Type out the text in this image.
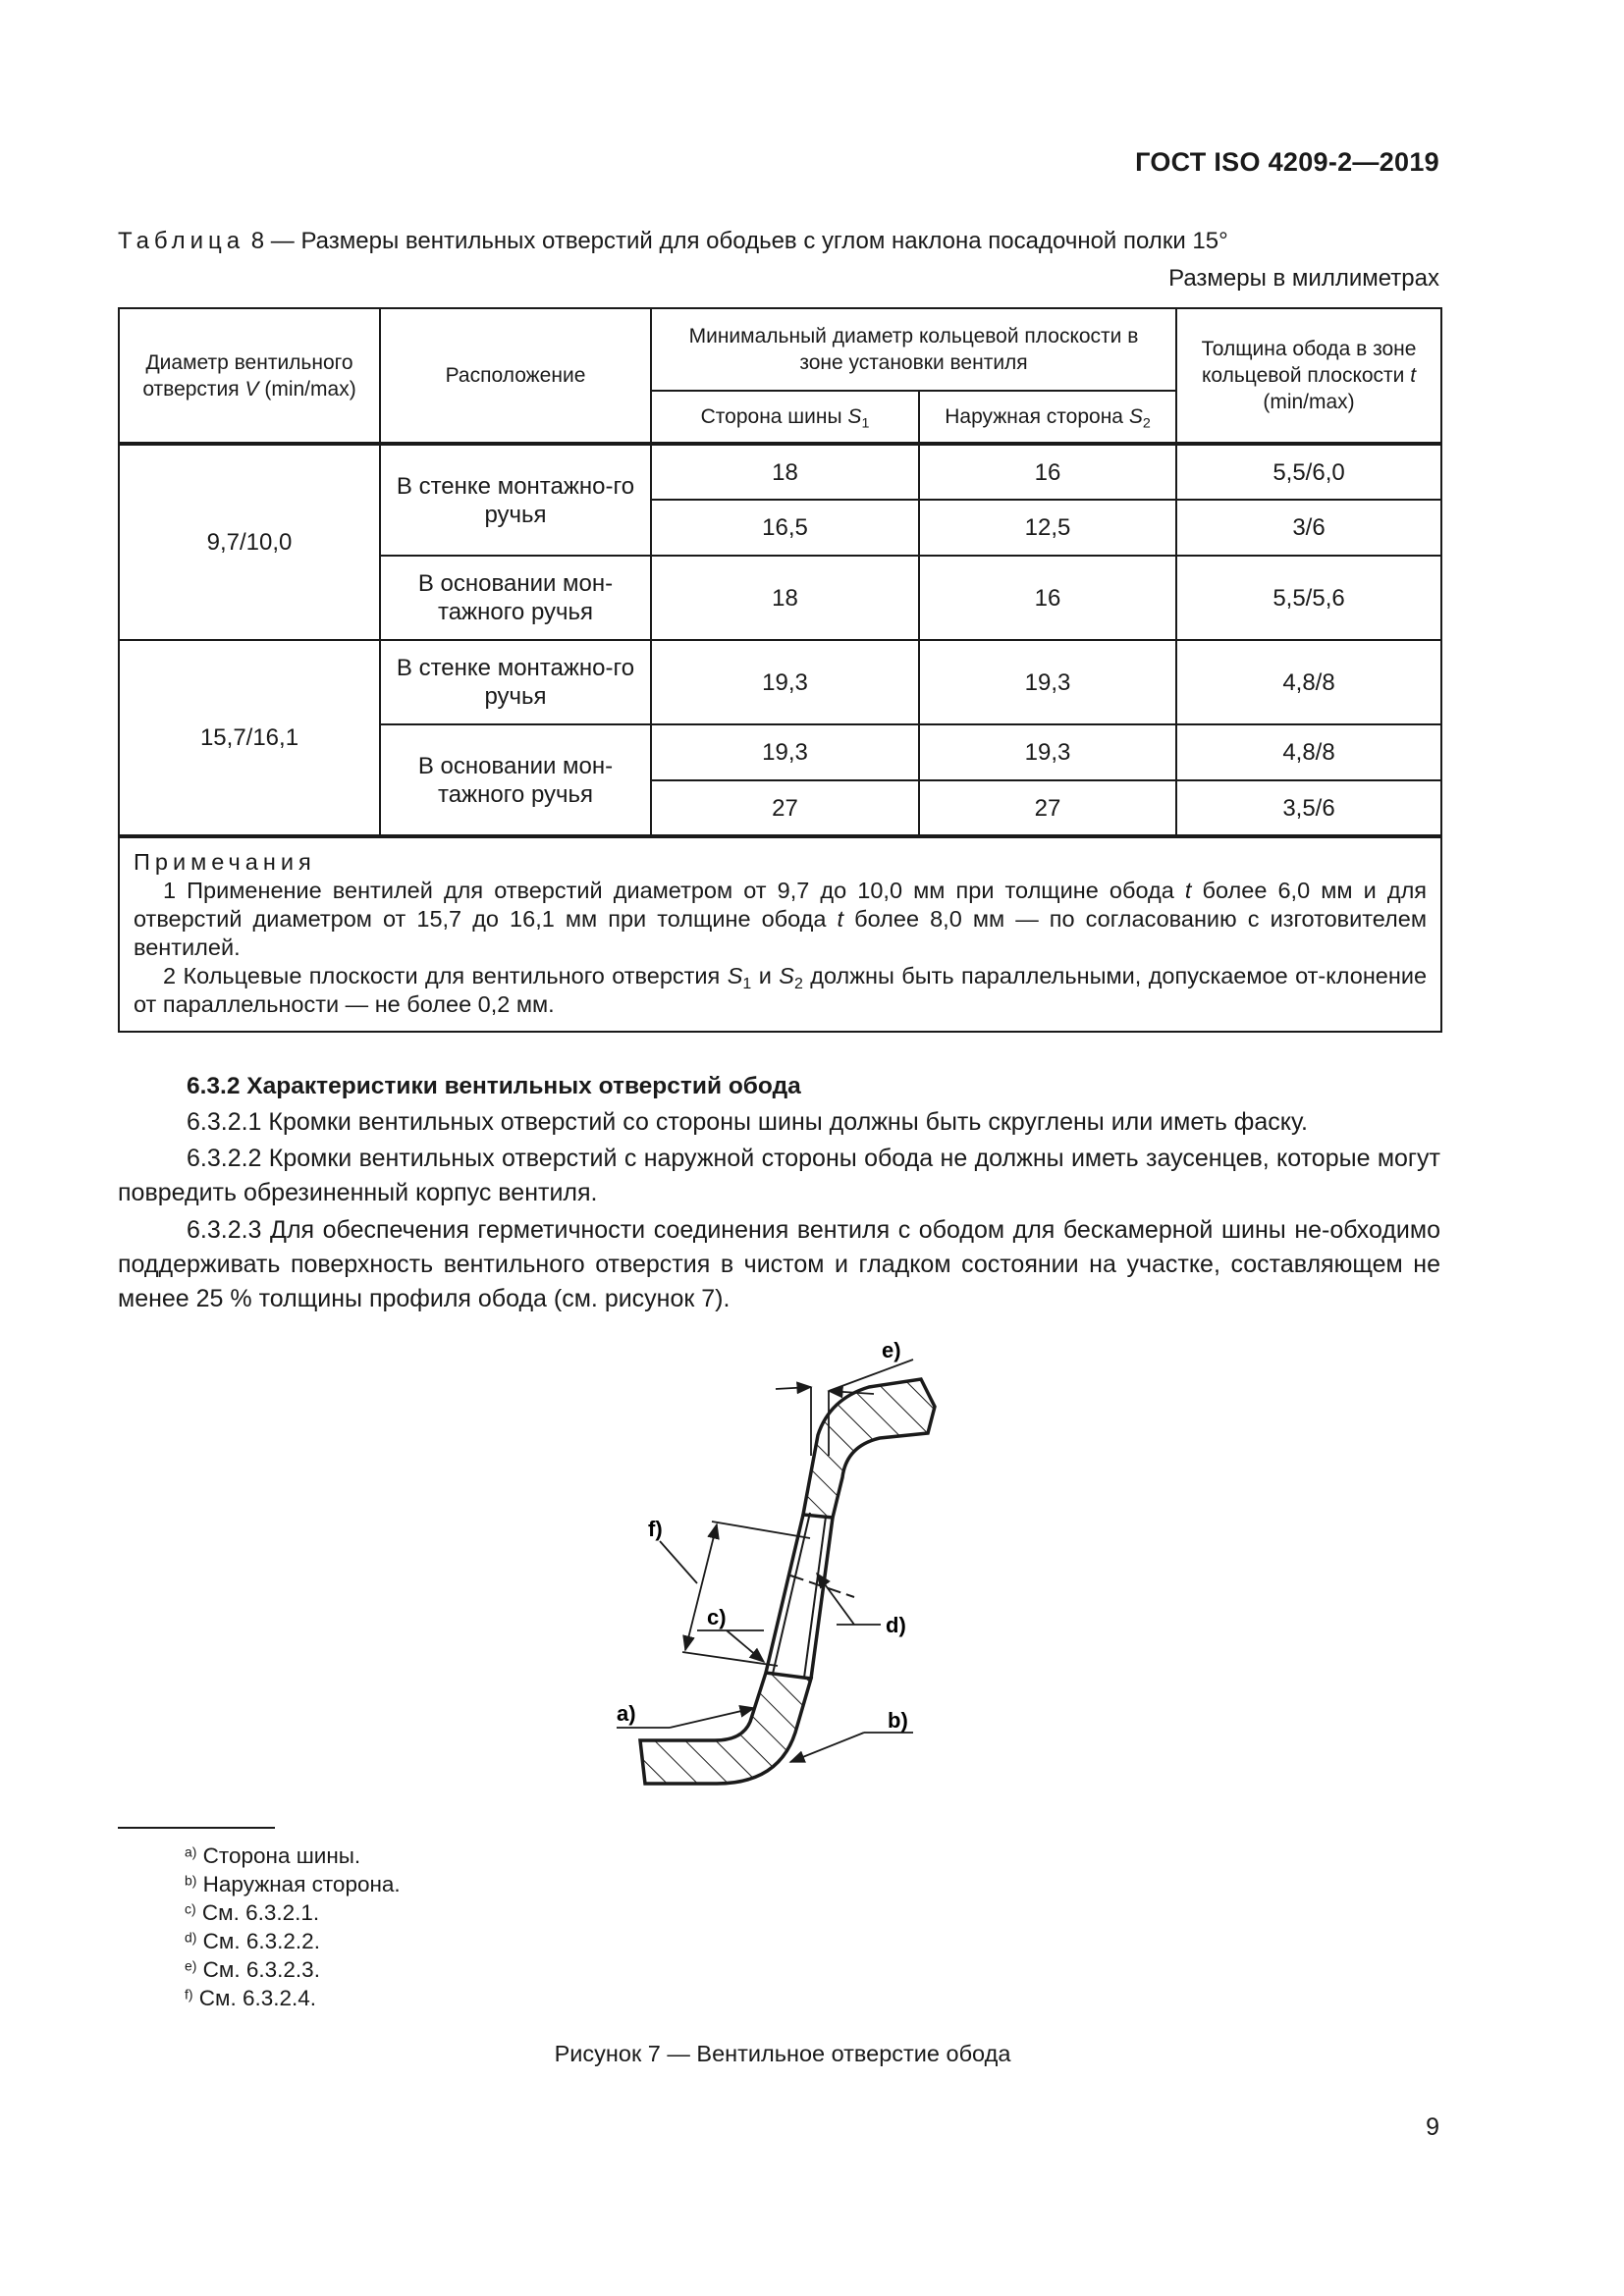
ГОСТ ISO 4209-2—2019
Таблица 8 — Размеры вентильных отверстий для ободьев с углом наклона посадочной полки 15°
Размеры в миллиметрах
Диаметр вентильного отверстия V (min/max)	Расположение	Минимальный диаметр кольцевой плоскости в зоне установки вентиля		Толщина обода в зоне кольцевой плоскости t
(min/max)
		Сторона шины $S_1$	Наружная сторона $S_2$
9,7/10,0	В стенке монтажно-го ручья	18	16	5,5/6,0
		16,5	12,5	3/6
	В основании мон-тажного ручья	18	16	5,5/5,6
15,7/16,1	В стенке монтажно-го ручья	19,3	19,3	4,8/8
	В основании мон-тажного ручья	19,3	19,3	4,8/8
		27	27	3,5/6

Примечания
1 Применение вентилей для отверстий диаметром от 9,7 до 10,0 мм при толщине обода t более 6,0 мм и для отверстий диаметром от 15,7 до 16,1 мм при толщине обода t более 8,0 мм — по согласованию с изготовителем вентилей.
2 Кольцевые плоскости для вентильного отверстия $S_1$ и $S_2$ должны быть параллельными, допускаемое от-клонение от параллельности — не более 0,2 мм.				
6.3.2 Характеристики вентильных отверстий обода
6.3.2.1 Кромки вентильных отверстий со стороны шины должны быть скруглены или иметь фаску.
6.3.2.2 Кромки вентильных отверстий с наружной стороны обода не должны иметь заусенцев, которые могут повредить обрезиненный корпус вентиля.
6.3.2.3 Для обеспечения герметичности соединения вентиля с ободом для бескамерной шины не-обходимо поддерживать поверхность вентильного отверстия в чистом и гладком состоянии на участке, составляющем не менее 25 % толщины профиля обода (см. рисунок 7).
e)
f)
c)	d)
a)	b)
$^{a)}$ Сторона шины.
$^{b)}$ Наружная сторона.
$^{c)}$ См. 6.3.2.1.
$^{d)}$ См. 6.3.2.2.
$^{e)}$ См. 6.3.2.3.
$^{f)}$ См. 6.3.2.4.
Рисунок 7 — Вентильное отверстие обода
9
